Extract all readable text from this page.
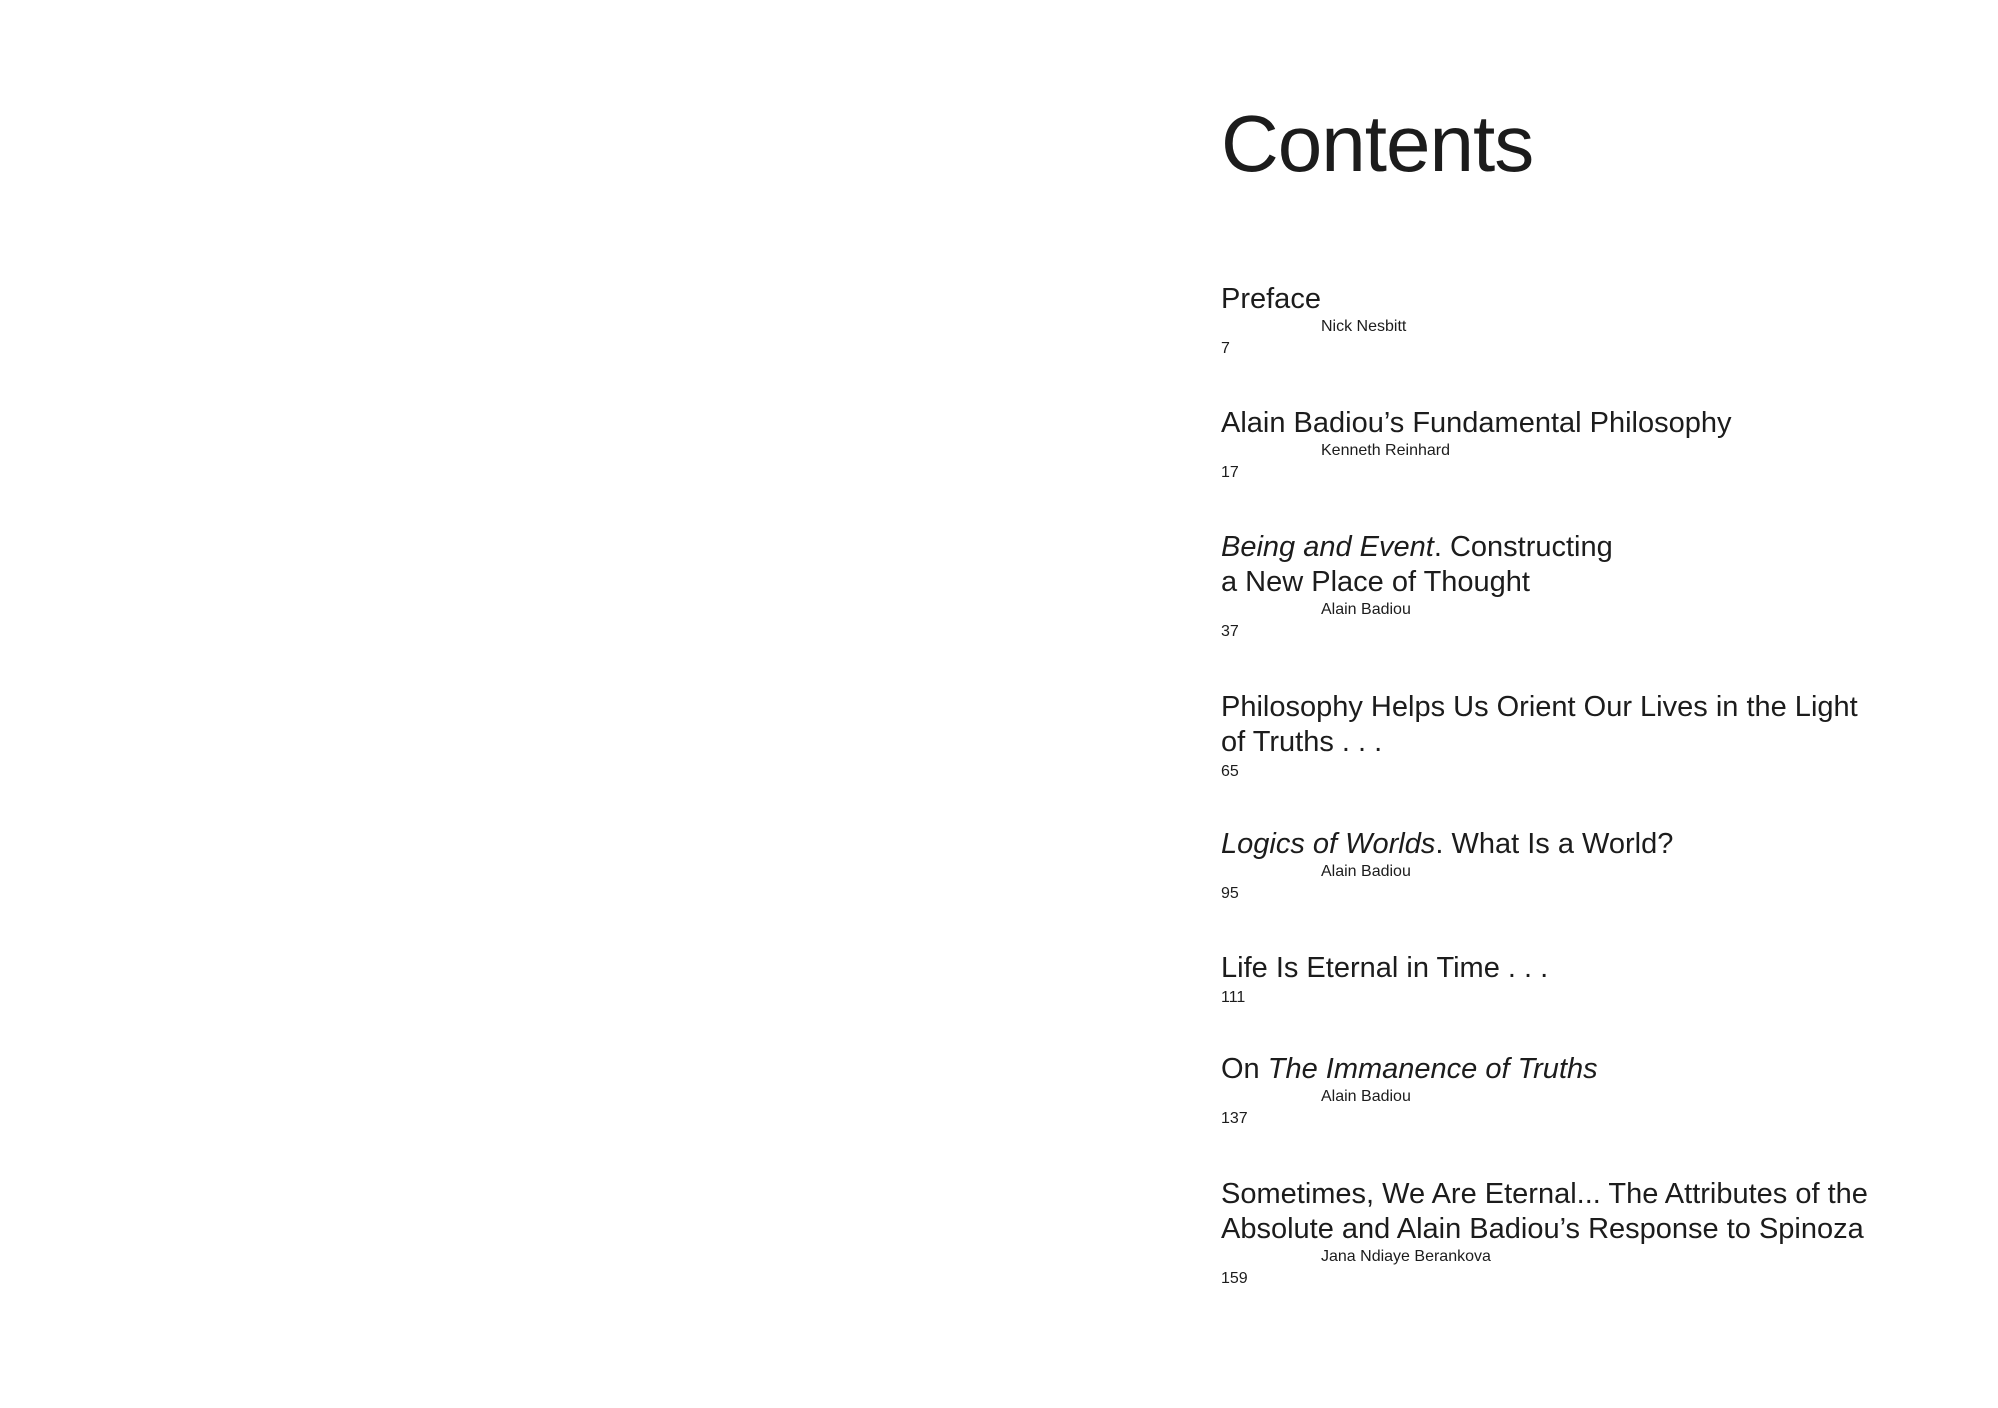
Contents

Preface

Nick Nesbitt

7

Alain Badiou’s Fundamental Philosophy

Kenneth Reinhard

17

Being and Event. Constructing
a New Place of Thought

Alain Badiou

37

Philosophy Helps Us Orient Our Lives in the Light
of Truths . . .

65

Logics of Worlds. What Is a World?

Alain Badiou

95

Life Is Eternal in Time . . .

111

On The Immanence of Truths

Alain Badiou

137

Sometimes, We Are Eternal... The Attributes of the
Absolute and Alain Badiou’s Response to Spinoza

Jana Ndiaye Berankova

159
